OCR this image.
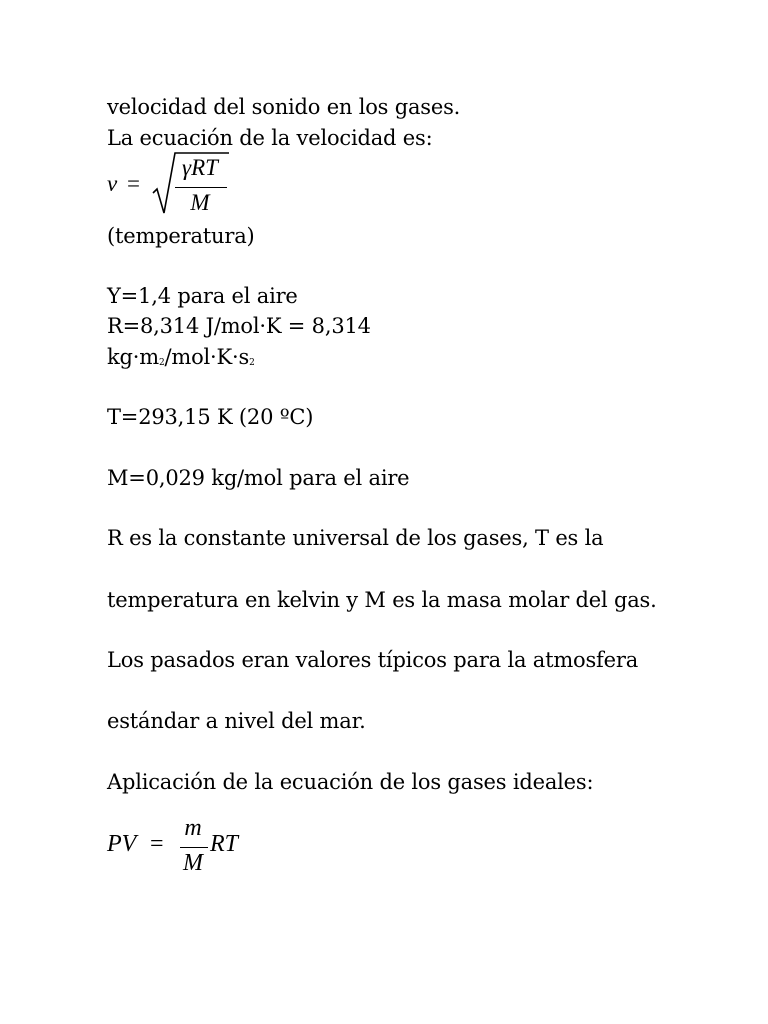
velocidad del sonido en los gases.
La ecuación de la velocidad es:
v =
γRT
M
(temperatura)
Y=1,4 para el aire
R=8,314 J/mol·K = 8,314
kg·m2/mol·K·s2
T=293,15 K (20 ºC)
M=0,029 kg/mol para el aire
R es la constante universal de los gases, T es la
temperatura en kelvin y M es la masa molar del gas.
Los pasados eran valores típicos para la atmosfera
estándar a nivel del mar.
Aplicación de la ecuación de los gases ideales:
PV =
m
M
RT
